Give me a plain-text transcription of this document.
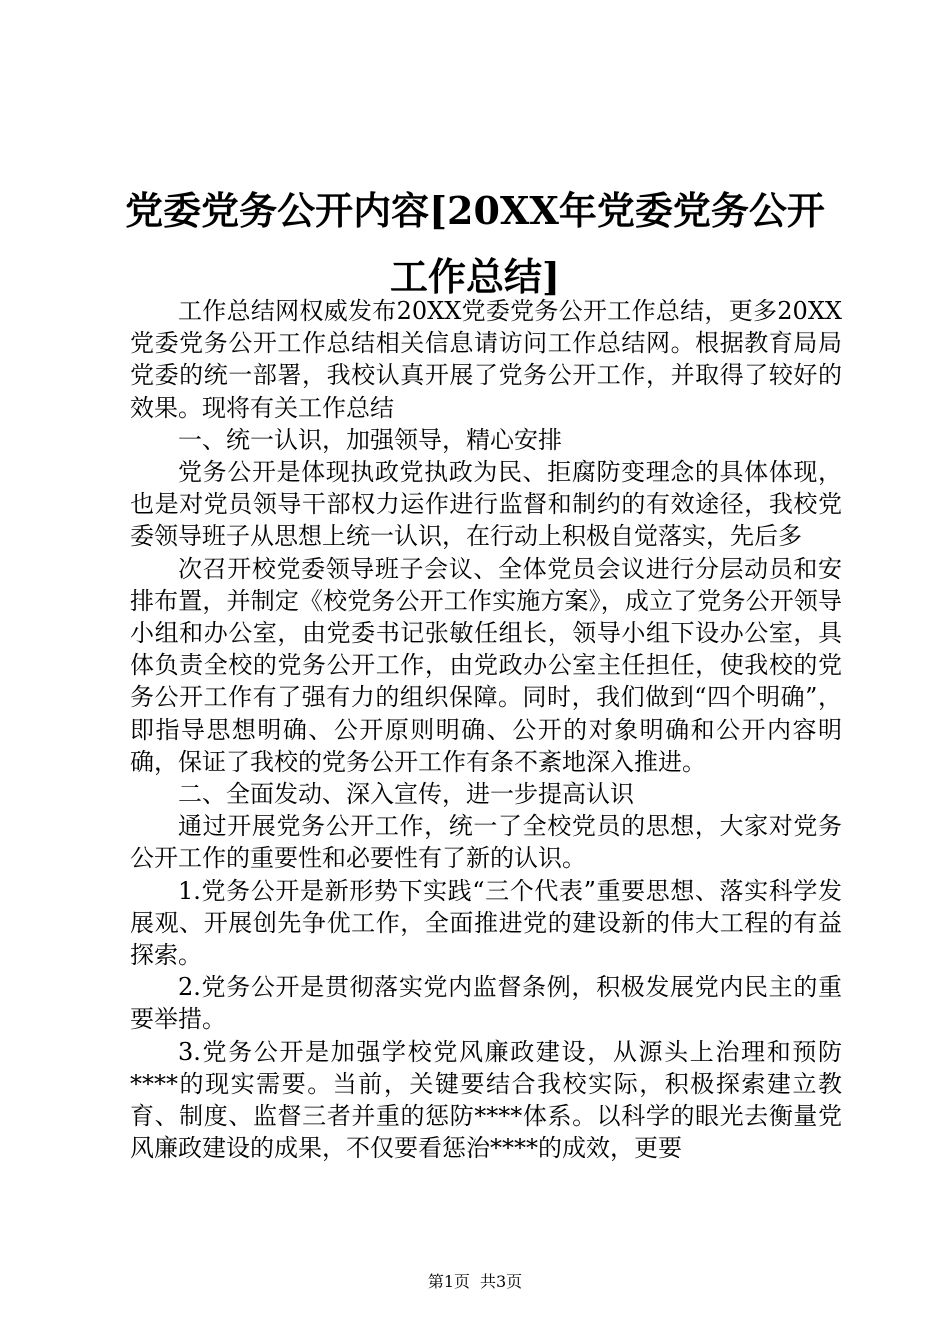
党委党务公开内容[20XX年党委党务公开工作总结]

工作总结网权威发布20XX党委党务公开工作总结，更多20XX党委党务公开工作总结相关信息请访问工作总结网。根据教育局局党委的统一部署，我校认真开展了党务公开工作，并取得了较好的效果。现将有关工作总结

一、统一认识，加强领导，精心安排

党务公开是体现执政党执政为民、拒腐防变理念的具体体现，也是对党员领导干部权力运作进行监督和制约的有效途径，我校党委领导班子从思想上统一认识，在行动上积极自觉落实，先后多

次召开校党委领导班子会议、全体党员会议进行分层动员和安排布置，并制定《校党务公开工作实施方案》，成立了党务公开领导小组和办公室，由党委书记张敏任组长，领导小组下设办公室，具体负责全校的党务公开工作，由党政办公室主任担任，使我校的党务公开工作有了强有力的组织保障。同时，我们做到“四个明确”，即指导思想明确、公开原则明确、公开的对象明确和公开内容明确，保证了我校的党务公开工作有条不紊地深入推进。

二、全面发动、深入宣传，进一步提高认识

通过开展党务公开工作，统一了全校党员的思想，大家对党务公开工作的重要性和必要性有了新的认识。

1.党务公开是新形势下实践“三个代表”重要思想、落实科学发展观、开展创先争优工作，全面推进党的建设新的伟大工程的有益探索。

2.党务公开是贯彻落实党内监督条例，积极发展党内民主的重要举措。

3.党务公开是加强学校党风廉政建设，从源头上治理和预防****的现实需要。当前，关键要结合我校实际，积极探索建立教育、制度、监督三者并重的惩防****体系。以科学的眼光去衡量党风廉政建设的成果，不仅要看惩治****的成效，更要

第1页 共3页
